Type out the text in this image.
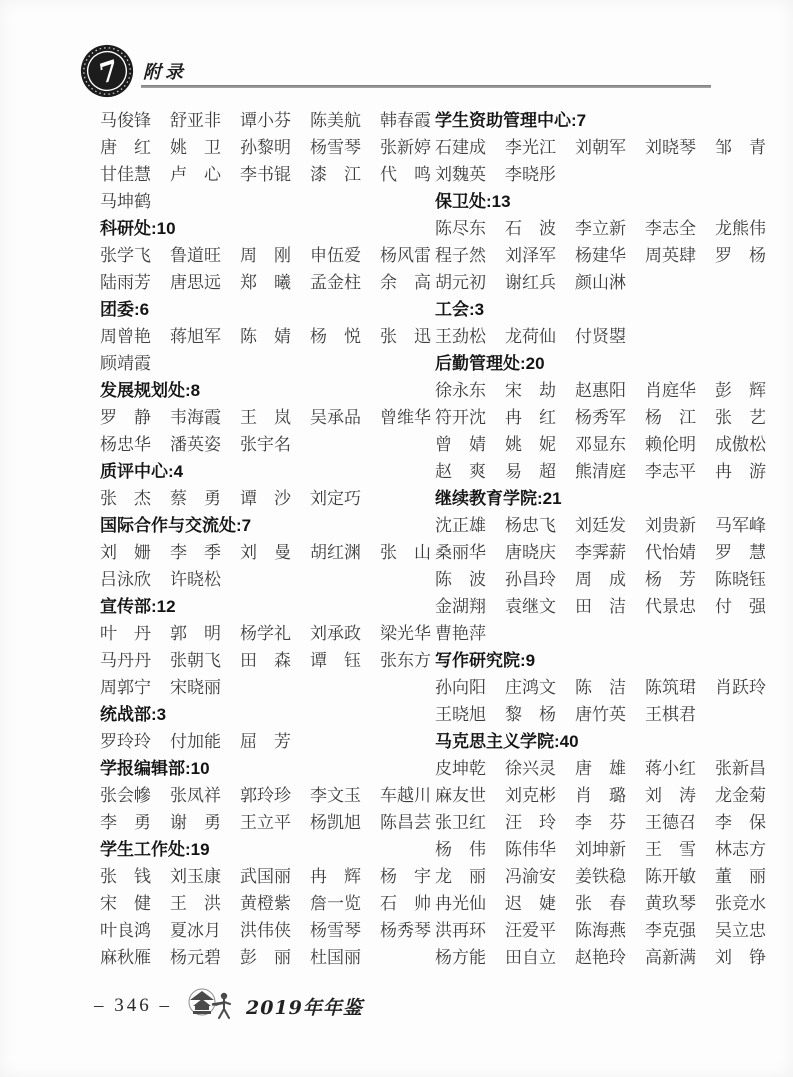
7 附录
马俊锋 舒亚非 谭小芬 陈美航 韩春霞
唐　红 姚　卫 孙黎明 杨雪琴 张新婷
甘佳慧 卢　心 李书锟 漆　江 代　鸣
马坤鹤
科研处:10
张学飞 鲁道旺 周　刚 申伍爱 杨风雷
陆雨芳 唐思远 郑　曦 孟金柱 余　高
团委:6
周曾艳 蒋旭军 陈　婧 杨　悦 张　迅
顾靖霞
发展规划处:8
罗　静 韦海霞 王　岚 吴承品 曾维华
杨忠华 潘英姿 张宇名
质评中心:4
张　杰 蔡　勇 谭　沙 刘定巧
国际合作与交流处:7
刘　姗 李　季 刘　曼 胡红渊 张　山
吕泳欣 许晓松
宣传部:12
叶　丹 郭　明 杨学礼 刘承政 梁光华
马丹丹 张朝飞 田　森 谭　钰 张东方
周郭宁 宋晓丽
统战部:3
罗玲玲 付加能 屈　芳
学报编辑部:10
张会幓 张凤祥 郭玲珍 李文玉 车越川
李　勇 谢　勇 王立平 杨凯旭 陈昌芸
学生工作处:19
张　钱 刘玉康 武国丽 冉　辉 杨　宇
宋　健 王　洪 黄橙紫 詹一览 石　帅
叶良鸿 夏冰月 洪伟侠 杨雪琴 杨秀琴
麻秋雁 杨元碧 彭　丽 杜国丽
学生资助管理中心:7
石建成 李光江 刘朝军 刘晓琴 邹　青
刘魏英 李晓彤
保卫处:13
陈尽东 石　波 李立新 李志全 龙熊伟
程子然 刘泽军 杨建华 周英肆 罗　杨
胡元初 谢红兵 颜山淋
工会:3
王劲松 龙荷仙 付贤曌
后勤管理处:20
徐永东 宋　劫 赵惠阳 肖庭华 彭　辉
符开沈 冉　红 杨秀军 杨　江 张　艺
曾　婧 姚　妮 邓显东 赖伦明 成傲松
赵　爽 易　超 熊清庭 李志平 冉　游
继续教育学院:21
沈正雄 杨忠飞 刘廷发 刘贵新 马军峰
桑丽华 唐晓庆 李霁薪 代怡婧 罗　慧
陈　波 孙昌玲 周　成 杨　芳 陈晓钰
金湖翔 袁继文 田　洁 代景忠 付　强
曹艳萍
写作研究院:9
孙向阳 庄鸿文 陈　洁 陈筑珺 肖跃玲
王晓旭 黎　杨 唐竹英 王棋君
马克思主义学院:40
皮坤乾 徐兴灵 唐　雄 蒋小红 张新昌
麻友世 刘克彬 肖　璐 刘　涛 龙金菊
张卫红 汪　玲 李　芬 王德召 李　保
杨　伟 陈伟华 刘坤新 王　雪 林志方
龙　丽 冯渝安 姜铁稳 陈开敏 董　丽
冉光仙 迟　婕 张　春 黄玖琴 张竞水
洪再环 汪爱平 陈海燕 李克强 吴立忠
杨方能 田自立 赵艳玲 高新满 刘　铮
– 346 –	2019年年鉴
